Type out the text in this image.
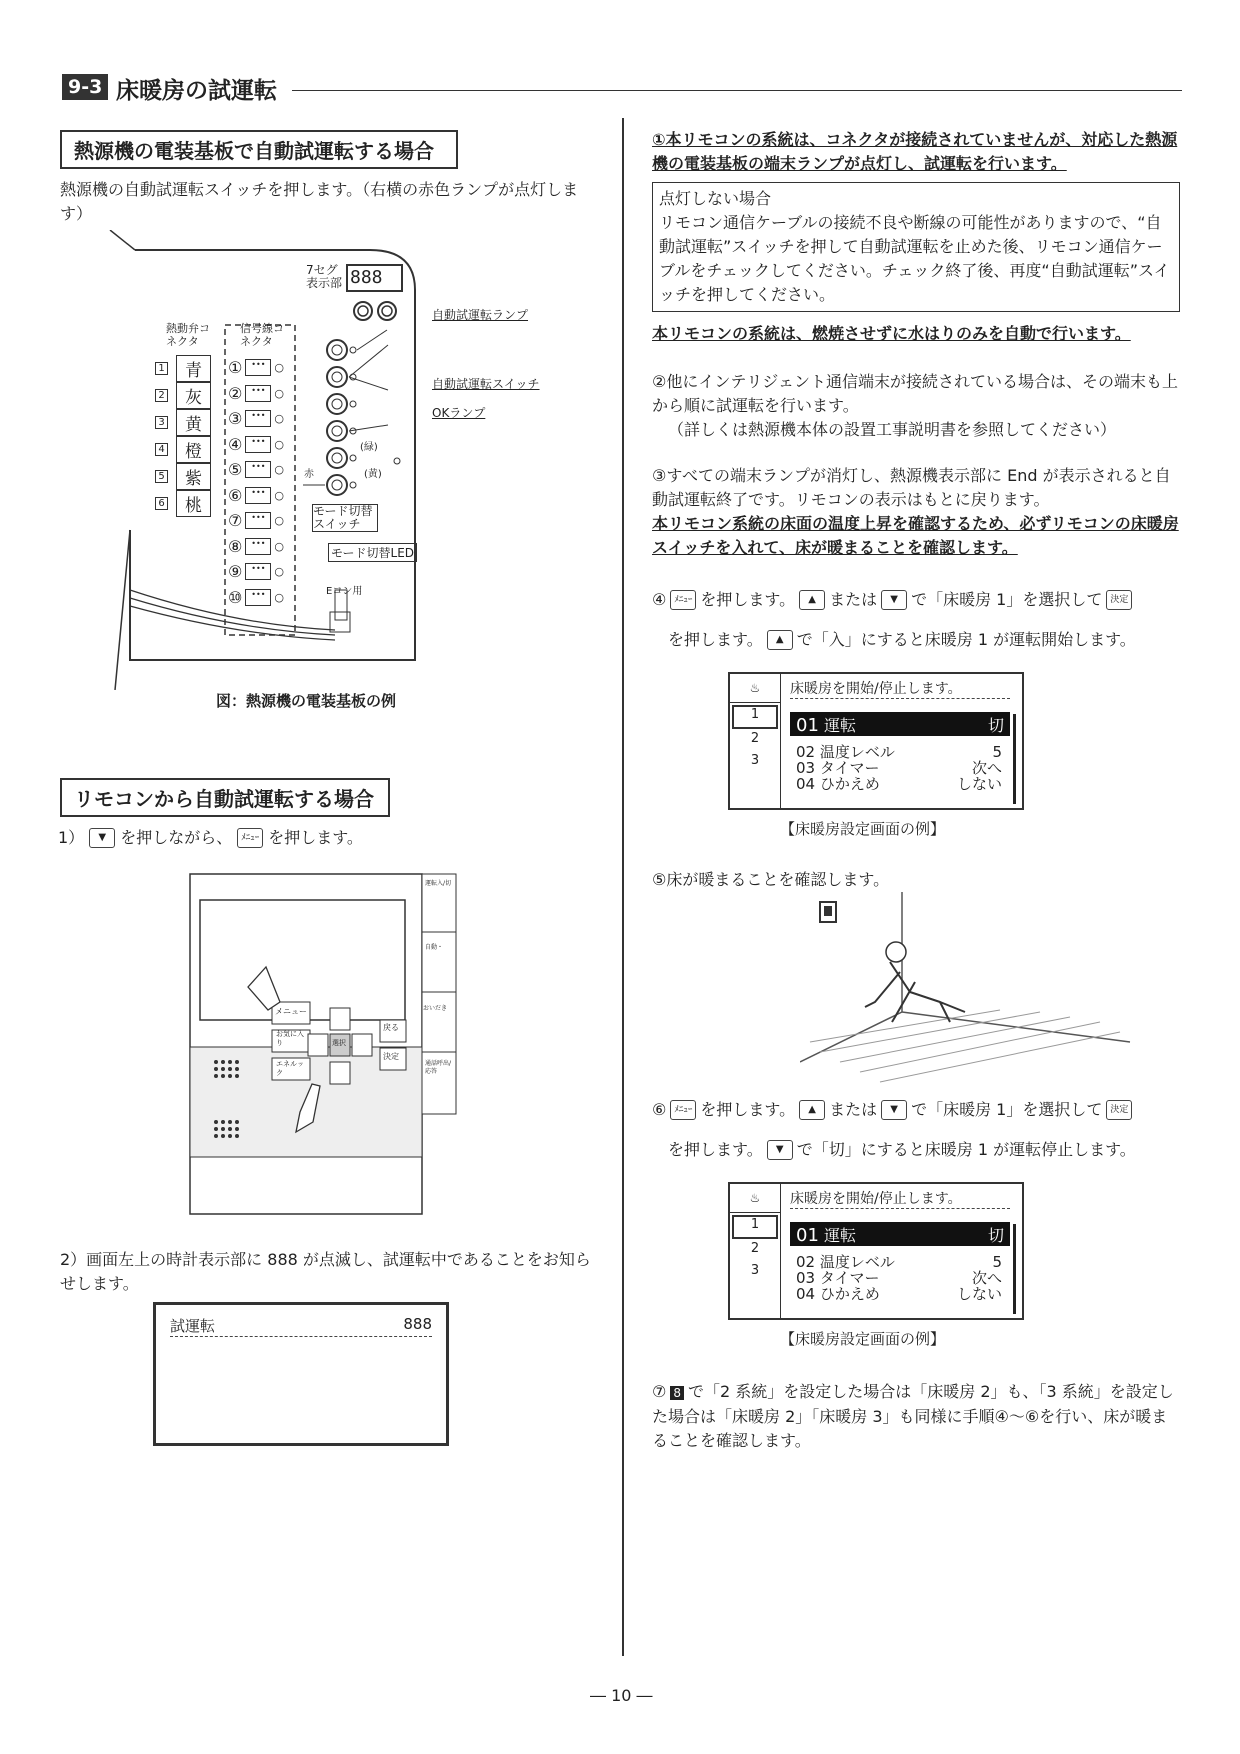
9-3 床暖房の試運転
熱源機の電装基板で自動試運転する場合
熱源機の自動試運転スイッチを押します。（右横の赤色ランプが点灯します）
7セグ表示部 888
熱動弁コネクタ
信号線コネクタ
1	青
2	灰
3	黄
4	橙
5	紫
6	桃
①	••• ○
②	••• ○
③	••• ○
④	••• ○
⑤	••• ○
⑥	••• ○
⑦	••• ○
⑧	••• ○
⑨	••• ○
⑩	••• ○
自動試運転ランプ
自動試運転スイッチ
OKランプ
(緑)
(黄)
赤
モード切替スイッチ
モード切替LED
Eコン用
図：熱源機の電装基板の例
リモコンから自動試運転する場合
1）	▼ を押しながら、 ﾒﾆｭｰ を押します。
メニュー
お気に入り
エネルック
選択
戻る
決定
運転入/切
自動・
おいだき
通話呼出/応答
2）画面左上の時計表示部に 888 が点滅し、試運転中であることをお知らせします。
試運転	888
①本リモコンの系統は、コネクタが接続されていませんが、対応した熱源機の電装基板の端末ランプが点灯し、試運転を行います。
点灯しない場合
リモコン通信ケーブルの接続不良や断線の可能性がありますので、“自動試運転”スイッチを押して自動試運転を止めた後、リモコン通信ケーブルをチェックしてください。チェック終了後、再度“自動試運転”スイッチを押してください。
本リモコンの系統は、燃焼させずに水はりのみを自動で行います。
②他にインテリジェント通信端末が接続されている場合は、その端末も上から順に試運転を行います。
（詳しくは熱源機本体の設置工事説明書を参照してください）
③すべての端末ランプが消灯し、熱源機表示部に End が表示されると自動試運転終了です。リモコンの表示はもとに戻ります。
本リモコン系統の床面の温度上昇を確認するため、必ずリモコンの床暖房スイッチを入れて、床が暖まることを確認します。
④ ﾒﾆｭｰ を押します。	▲ または	▼ で「床暖房 1」を選択して 決定
を押します。	▲ で「入」にすると床暖房 1 が運転開始します。
♨
1
2
3
床暖房を開始/停止します。
01 運転	切
02 温度レベル	5
03 タイマー	次へ
04 ひかえめ	しない
【床暖房設定画面の例】
⑤床が暖まることを確認します。
⑥ ﾒﾆｭｰ を押します。	▲ または	▼ で「床暖房 1」を選択して 決定
を押します。	▼ で「切」にすると床暖房 1 が運転停止します。
♨
1
2
3
床暖房を開始/停止します。
01 運転	切
02 温度レベル	5
03 タイマー	次へ
04 ひかえめ	しない
【床暖房設定画面の例】
⑦ 8 で「2 系統」を設定した場合は「床暖房 2」も、「3 系統」を設定した場合は「床暖房 2」「床暖房 3」も同様に手順④～⑥を行い、床が暖まることを確認します。
― 10 ―
